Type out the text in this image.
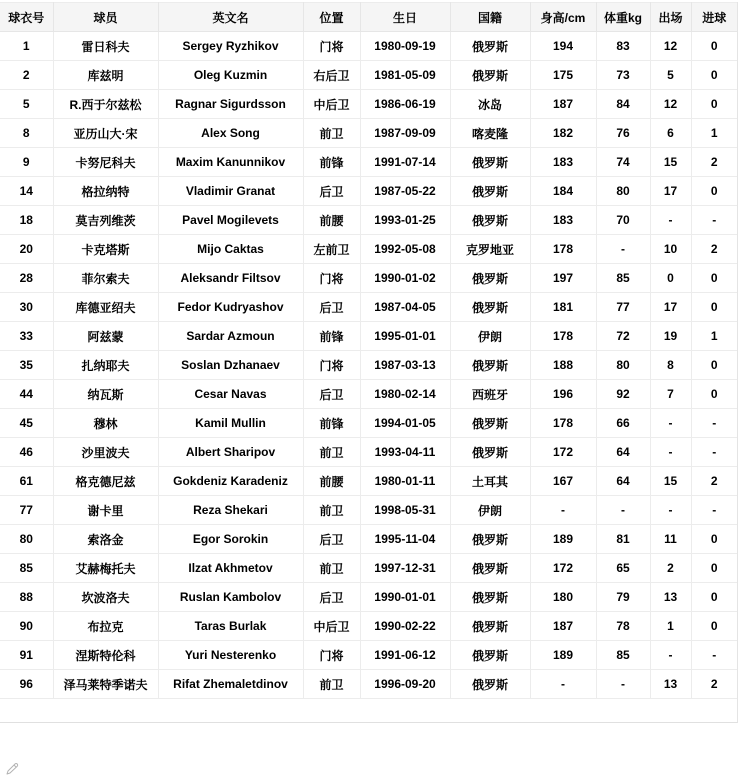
球衣号	球员	英文名	位置	生日	国籍	身高/cm	体重kg	出场	进球
1	雷日科夫	Sergey Ryzhikov	门将	1980-09-19	俄罗斯	194	83	12	0
2	库兹明	Oleg Kuzmin	右后卫	1981-05-09	俄罗斯	175	73	5	0
5	R.西于尔兹松	Ragnar Sigurdsson	中后卫	1986-06-19	冰岛	187	84	12	0
8	亚历山大·宋	Alex Song	前卫	1987-09-09	喀麦隆	182	76	6	1
9	卡努尼科夫	Maxim Kanunnikov	前锋	1991-07-14	俄罗斯	183	74	15	2
14	格拉纳特	Vladimir Granat	后卫	1987-05-22	俄罗斯	184	80	17	0
18	莫吉列维茨	Pavel Mogilevets	前腰	1993-01-25	俄罗斯	183	70	-	-
20	卡克塔斯	Mijo Caktas	左前卫	1992-05-08	克罗地亚	178	-	10	2
28	菲尔索夫	Aleksandr Filtsov	门将	1990-01-02	俄罗斯	197	85	0	0
30	库德亚绍夫	Fedor Kudryashov	后卫	1987-04-05	俄罗斯	181	77	17	0
33	阿兹蒙	Sardar Azmoun	前锋	1995-01-01	伊朗	178	72	19	1
35	扎纳耶夫	Soslan Dzhanaev	门将	1987-03-13	俄罗斯	188	80	8	0
44	纳瓦斯	Cesar Navas	后卫	1980-02-14	西班牙	196	92	7	0
45	穆林	Kamil Mullin	前锋	1994-01-05	俄罗斯	178	66	-	-
46	沙里波夫	Albert Sharipov	前卫	1993-04-11	俄罗斯	172	64	-	-
61	格克德尼兹	Gokdeniz Karadeniz	前腰	1980-01-11	土耳其	167	64	15	2
77	谢卡里	Reza Shekari	前卫	1998-05-31	伊朗	-	-	-	-
80	索洛金	Egor Sorokin	后卫	1995-11-04	俄罗斯	189	81	11	0
85	艾赫梅托夫	Ilzat Akhmetov	前卫	1997-12-31	俄罗斯	172	65	2	0
88	坎波洛夫	Ruslan Kambolov	后卫	1990-01-01	俄罗斯	180	79	13	0
90	布拉克	Taras Burlak	中后卫	1990-02-22	俄罗斯	187	78	1	0
91	涅斯特伦科	Yuri Nesterenko	门将	1991-06-12	俄罗斯	189	85	-	-
96	泽马莱特季诺夫	Rifat Zhemaletdinov	前卫	1996-09-20	俄罗斯	-	-	13	2
